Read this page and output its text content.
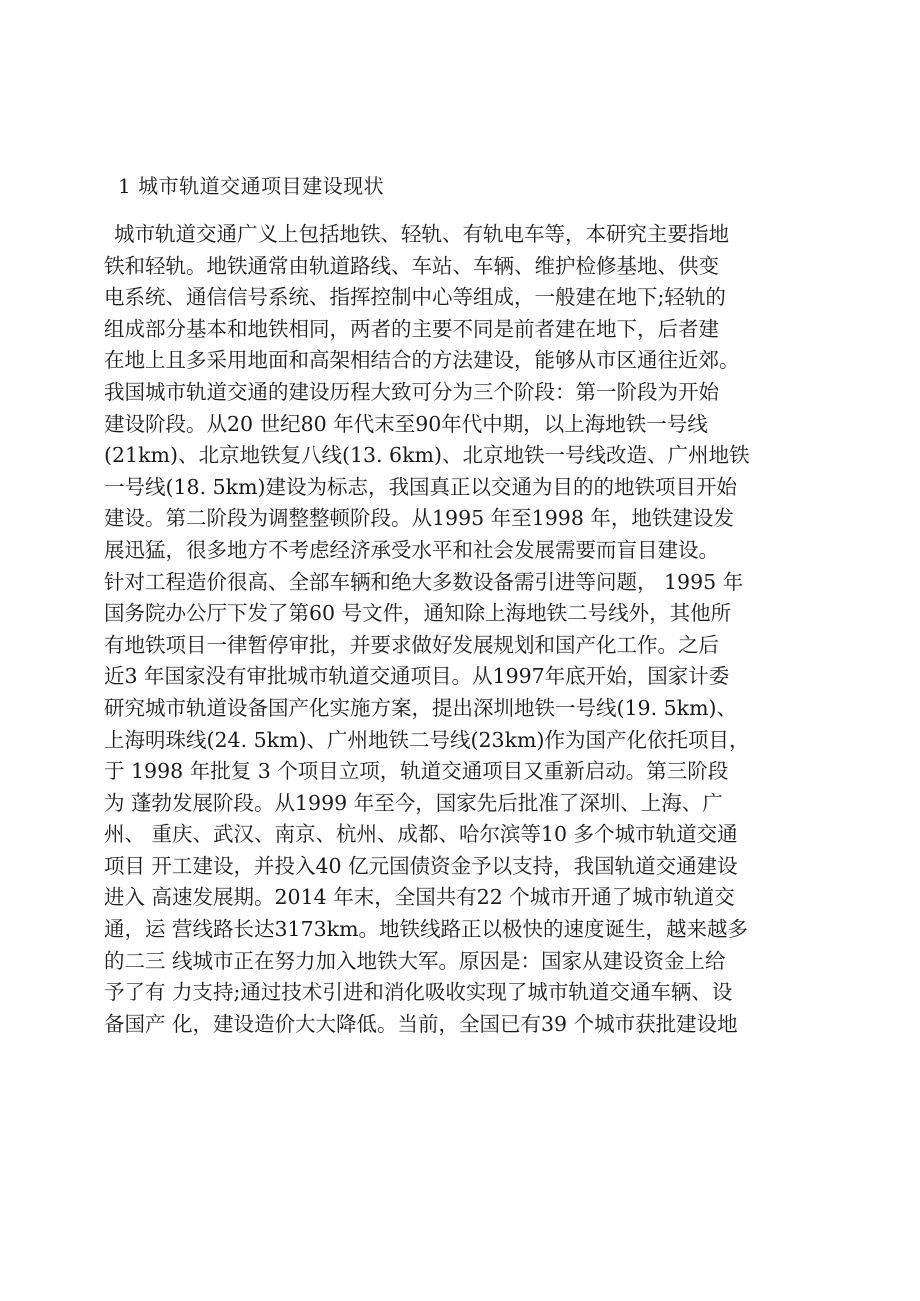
1 城市轨道交通项目建设现状
城市轨道交通广义上包括地铁、轻轨、有轨电车等，本研究主要指地
铁和轻轨。地铁通常由轨道路线、车站、车辆、维护检修基地、供变
电系统、通信信号系统、指挥控制中心等组成，一般建在地下;轻轨的
组成部分基本和地铁相同，两者的主要不同是前者建在地下，后者建
在地上且多采用地面和高架相结合的方法建设，能够从市区通往近郊。
我国城市轨道交通的建设历程大致可分为三个阶段：第一阶段为开始
建设阶段。从20 世纪80 年代末至90年代中期，以上海地铁一号线
(21km)、北京地铁复八线(13. 6km)、北京地铁一号线改造、广州地铁
一号线(18. 5km)建设为标志，我国真正以交通为目的的地铁项目开始
建设。第二阶段为调整整顿阶段。从1995 年至1998 年，地铁建设发
展迅猛，很多地方不考虑经济承受水平和社会发展需要而盲目建设。
针对工程造价很高、全部车辆和绝大多数设备需引进等问题， 1995 年
国务院办公厅下发了第60 号文件，通知除上海地铁二号线外，其他所
有地铁项目一律暂停审批，并要求做好发展规划和国产化工作。之后
近3 年国家没有审批城市轨道交通项目。从1997年底开始，国家计委
研究城市轨道设备国产化实施方案，提出深圳地铁一号线(19. 5km)、
上海明珠线(24. 5km)、广州地铁二号线(23km)作为国产化依托项目，
于 1998 年批复 3 个项目立项，轨道交通项目又重新启动。第三阶段
为 蓬勃发展阶段。从1999 年至今，国家先后批准了深圳、上海、广
州、 重庆、武汉、南京、杭州、成都、哈尔滨等10 多个城市轨道交通
项目 开工建设，并投入40 亿元国债资金予以支持，我国轨道交通建设
进入 高速发展期。2014 年末，全国共有22 个城市开通了城市轨道交
通，运 营线路长达3173km。地铁线路正以极快的速度诞生，越来越多
的二三 线城市正在努力加入地铁大军。原因是：国家从建设资金上给
予了有 力支持;通过技术引进和消化吸收实现了城市轨道交通车辆、设
备国产 化，建设造价大大降低。当前，全国已有39 个城市获批建设地
